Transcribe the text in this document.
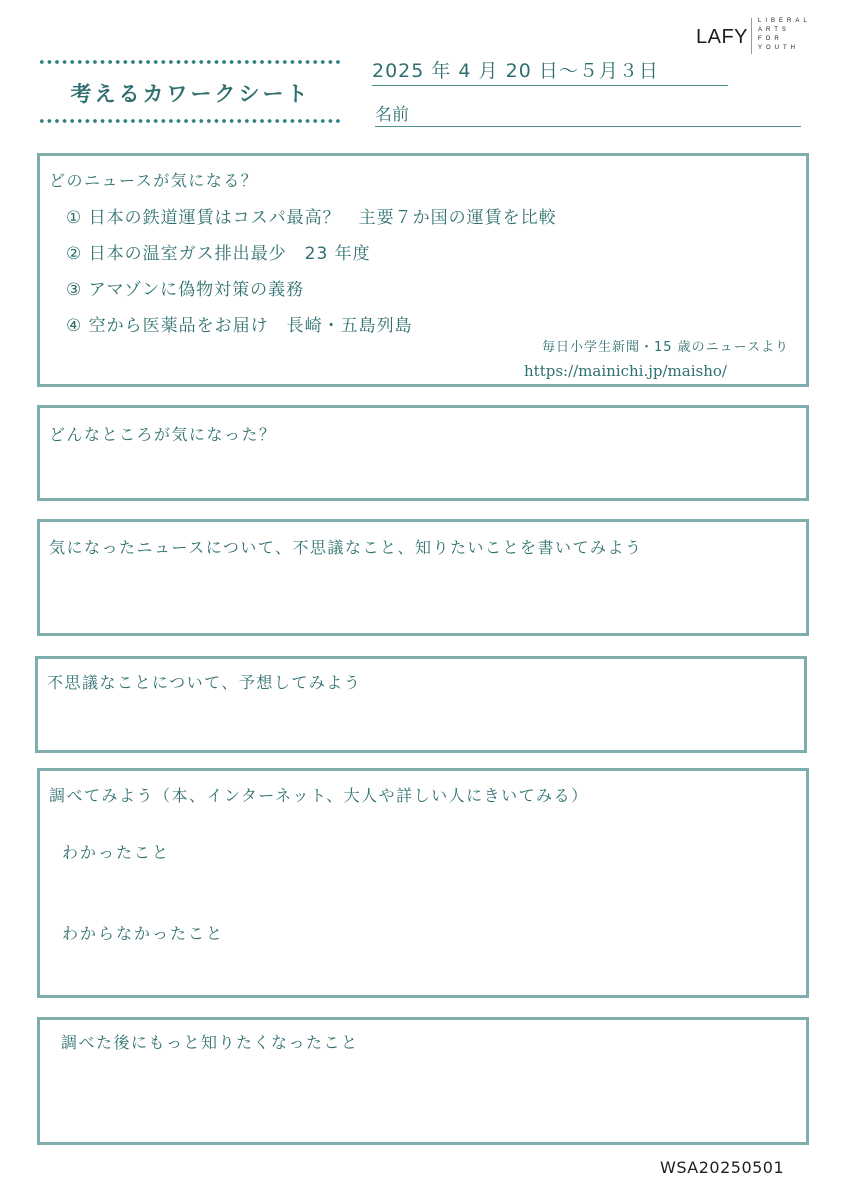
LAFY
LIBERAL
ARTS
FOR
YOUTH
考えるカワークシート
2025 年 4 月 20 日～５月３日
名前
どのニュースが気になる？
① 日本の鉄道運賃はコスパ最高？　主要７か国の運賃を比較
② 日本の温室ガス排出最少　23 年度
③ アマゾンに偽物対策の義務
④ 空から医薬品をお届け　長崎・五島列島
毎日小学生新聞・15 歳のニュースより
https://mainichi.jp/maisho/
どんなところが気になった？
気になったニュースについて、不思議なこと、知りたいことを書いてみよう
不思議なことについて、予想してみよう
調べてみよう（本、インターネット、大人や詳しい人にきいてみる）
わかったこと
わからなかったこと
調べた後にもっと知りたくなったこと
WSA20250501
